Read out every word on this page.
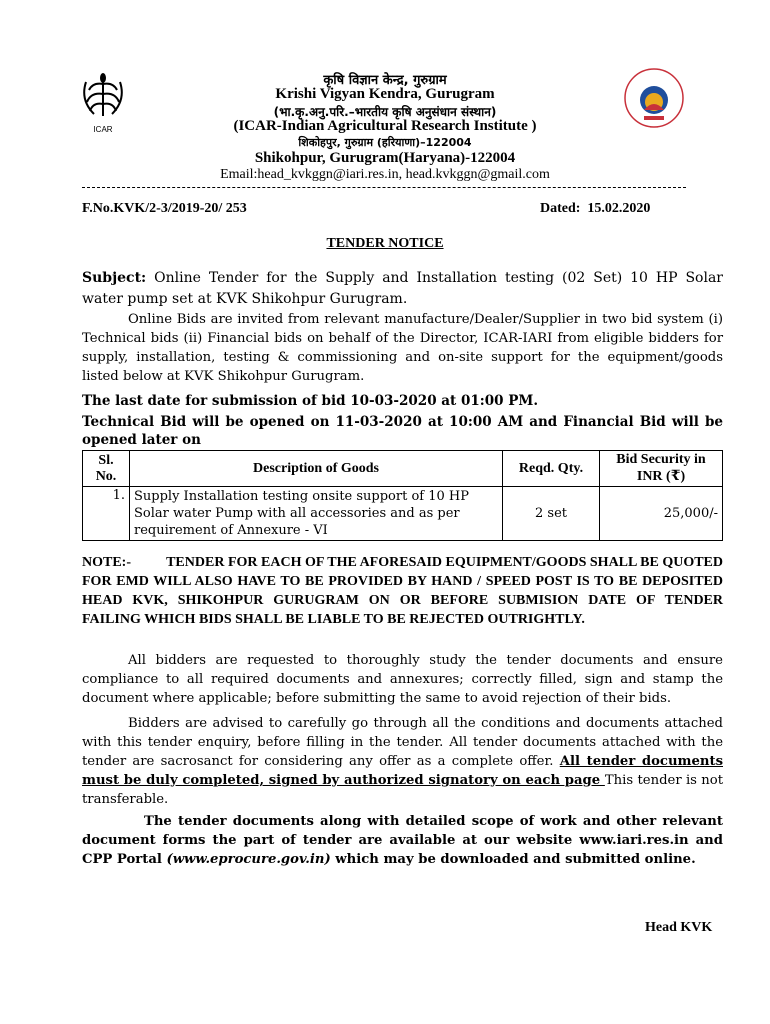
ICAR
कृषि विज्ञान केन्द्र, गुरुग्राम
Krishi Vigyan Kendra, Gurugram
(भा.कृ.अनु.परि.–भारतीय कृषि अनुसंधान संस्थान)
(ICAR-Indian Agricultural Research Institute )
शिकोहपुर, गुरुग्राम (हरियाणा)–122004
Shikohpur, Gurugram(Haryana)-122004
Email:head_kvkggn@iari.res.in, head.kvkggn@gmail.com
F.No.KVK/2-3/2019-20/ 253	Dated:  15.02.2020
TENDER NOTICE
Subject: Online Tender for the Supply and Installation testing (02 Set) 10 HP Solar water pump set at KVK Shikohpur Gurugram.
Online Bids are invited from relevant manufacture/Dealer/Supplier in two bid system (i) Technical bids (ii) Financial bids on behalf of the Director, ICAR-IARI from eligible bidders for supply, installation, testing & commissioning and on-site support for the equipment/goods listed below at KVK Shikohpur Gurugram.
The last date for submission of bid 10-03-2020 at 01:00 PM.
Technical Bid will be opened on 11-03-2020 at 10:00 AM and Financial Bid will be opened later on
Sl. No.	Description of Goods	Reqd. Qty.	Bid Security in INR (₹)
1.	Supply Installation testing onsite support of 10 HP Solar water Pump with all accessories and as per requirement of Annexure - VI	2 set	25,000/-
NOTE:-          TENDER FOR EACH OF THE AFORESAID EQUIPMENT/GOODS SHALL BE QUOTED FOR EMD WILL ALSO HAVE TO BE PROVIDED BY HAND / SPEED POST IS TO BE DEPOSITED HEAD KVK, SHIKOHPUR GURUGRAM ON OR BEFORE SUBMISION DATE OF TENDER  FAILING WHICH BIDS SHALL BE LIABLE TO BE REJECTED OUTRIGHTLY.
All bidders are requested to thoroughly study the tender documents and ensure compliance to all required documents and annexures; correctly filled, sign and stamp the document where applicable; before submitting the same to avoid rejection of their bids.
Bidders are advised to carefully go through all the conditions and documents attached with this tender enquiry, before filling in the tender. All tender documents attached with the tender are sacrosanct for considering any offer as a complete offer. All tender documents must be duly completed, signed by authorized signatory on each page This tender is not transferable.
The tender documents along with detailed scope of work and other relevant document forms the part of tender are available at our website www.iari.res.in and CPP Portal (www.eprocure.gov.in) which may be downloaded and submitted online.
Head KVK
